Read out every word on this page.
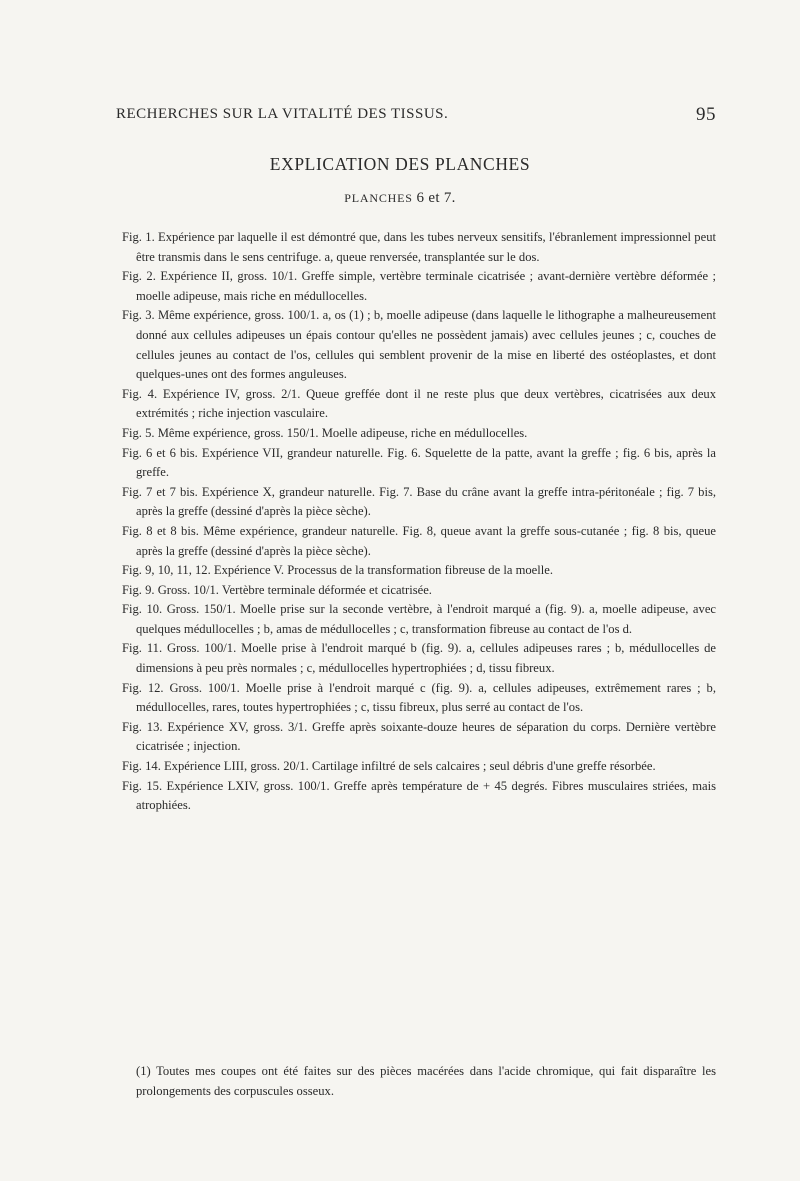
RECHERCHES SUR LA VITALITÉ DES TISSUS.	95
EXPLICATION DES PLANCHES
PLANCHES 6 et 7.

Fig. 1. Expérience par laquelle il est démontré que, dans les tubes nerveux sensitifs, l'ébranlement impressionnel peut être transmis dans le sens centrifuge. a, queue renversée, transplantée sur le dos.

Fig. 2. Expérience II, gross. 10/1. Greffe simple, vertèbre terminale cicatrisée ; avant-dernière vertèbre déformée ; moelle adipeuse, mais riche en médullocelles.

Fig. 3. Même expérience, gross. 100/1. a, os (1) ; b, moelle adipeuse (dans laquelle le lithographe a malheureusement donné aux cellules adipeuses un épais contour qu'elles ne possèdent jamais) avec cellules jeunes ; c, couches de cellules jeunes au contact de l'os, cellules qui semblent provenir de la mise en liberté des ostéoplastes, et dont quelques-unes ont des formes anguleuses.

Fig. 4. Expérience IV, gross. 2/1. Queue greffée dont il ne reste plus que deux vertèbres, cicatrisées aux deux extrémités ; riche injection vasculaire.

Fig. 5. Même expérience, gross. 150/1. Moelle adipeuse, riche en médullocelles.

Fig. 6 et 6 bis. Expérience VII, grandeur naturelle. Fig. 6. Squelette de la patte, avant la greffe ; fig. 6 bis, après la greffe.

Fig. 7 et 7 bis. Expérience X, grandeur naturelle. Fig. 7. Base du crâne avant la greffe intra-péritonéale ; fig. 7 bis, après la greffe (dessiné d'après la pièce sèche).

Fig. 8 et 8 bis. Même expérience, grandeur naturelle. Fig. 8, queue avant la greffe sous-cutanée ; fig. 8 bis, queue après la greffe (dessiné d'après la pièce sèche).

Fig. 9, 10, 11, 12. Expérience V. Processus de la transformation fibreuse de la moelle.

Fig. 9. Gross. 10/1. Vertèbre terminale déformée et cicatrisée.

Fig. 10. Gross. 150/1. Moelle prise sur la seconde vertèbre, à l'endroit marqué a (fig. 9). a, moelle adipeuse, avec quelques médullocelles ; b, amas de médullocelles ; c, transformation fibreuse au contact de l'os d.

Fig. 11. Gross. 100/1. Moelle prise à l'endroit marqué b (fig. 9). a, cellules adipeuses rares ; b, médullocelles de dimensions à peu près normales ; c, médullocelles hypertrophiées ; d, tissu fibreux.

Fig. 12. Gross. 100/1. Moelle prise à l'endroit marqué c (fig. 9). a, cellules adipeuses, extrêmement rares ; b, médullocelles, rares, toutes hypertrophiées ; c, tissu fibreux, plus serré au contact de l'os.

Fig. 13. Expérience XV, gross. 3/1. Greffe après soixante-douze heures de séparation du corps. Dernière vertèbre cicatrisée ; injection.

Fig. 14. Expérience LIII, gross. 20/1. Cartilage infiltré de sels calcaires ; seul débris d'une greffe résorbée.

Fig. 15. Expérience LXIV, gross. 100/1. Greffe après température de + 45 degrés. Fibres musculaires striées, mais atrophiées.

(1) Toutes mes coupes ont été faites sur des pièces macérées dans l'acide chromique, qui fait disparaître les prolongements des corpuscules osseux.
